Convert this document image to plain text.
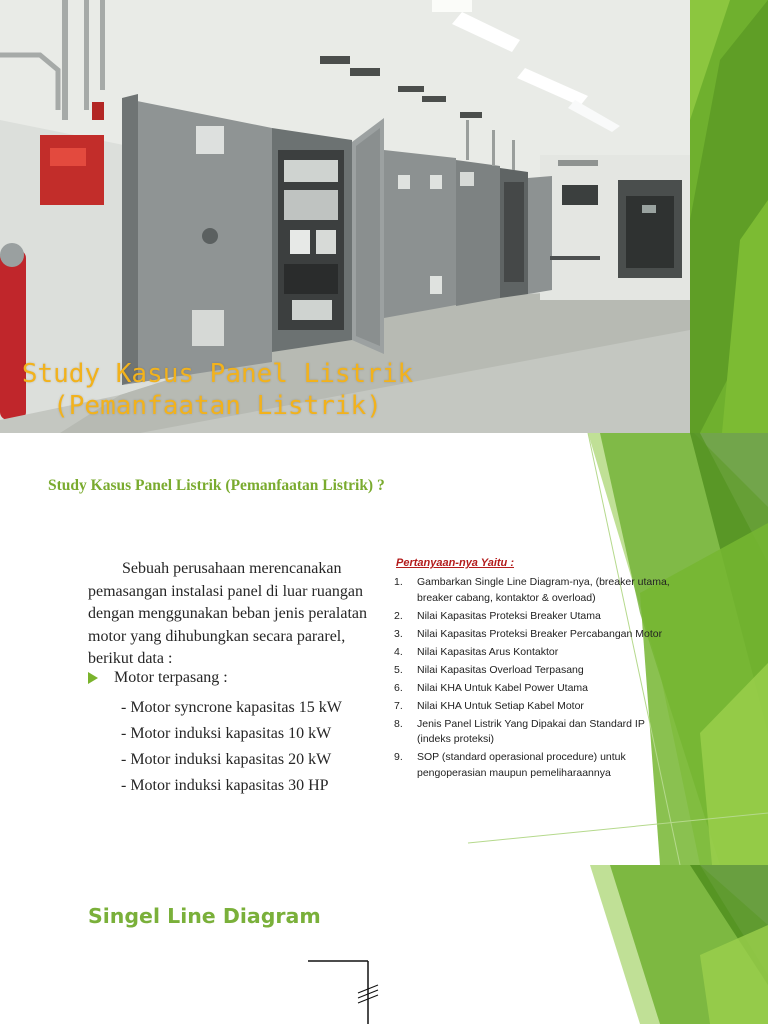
Study Kasus Panel Listrik
(Pemanfaatan Listrik)
Study Kasus Panel Listrik (Pemanfaatan Listrik) ?

Sebuah perusahaan merencanakan pemasangan instalasi panel di luar ruangan dengan menggunakan beban jenis peralatan motor yang dihubungkan secara pararel, berikut data :

Motor terpasang :
- Motor syncrone kapasitas 15 kW
- Motor induksi kapasitas 10 kW
- Motor induksi kapasitas 20 kW
- Motor induksi kapasitas 30 HP
Pertanyaan-nya Yaitu :
1. Gambarkan Single Line Diagram-nya, (breaker utama, breaker cabang, kontaktor & overload)
2. Nilai Kapasitas Proteksi Breaker Utama
3. Nilai Kapasitas Proteksi Breaker Percabangan Motor
4. Nilai Kapasitas Arus Kontaktor
5. Nilai Kapasitas Overload Terpasang
6. Nilai KHA Untuk Kabel Power Utama
7. Nilai KHA Untuk Setiap Kabel Motor
8. Jenis Panel Listrik Yang Dipakai dan Standard IP (indeks proteksi)
9. SOP (standard operasional procedure) untuk pengoperasian maupun pemeliharaannya
Singel Line Diagram
